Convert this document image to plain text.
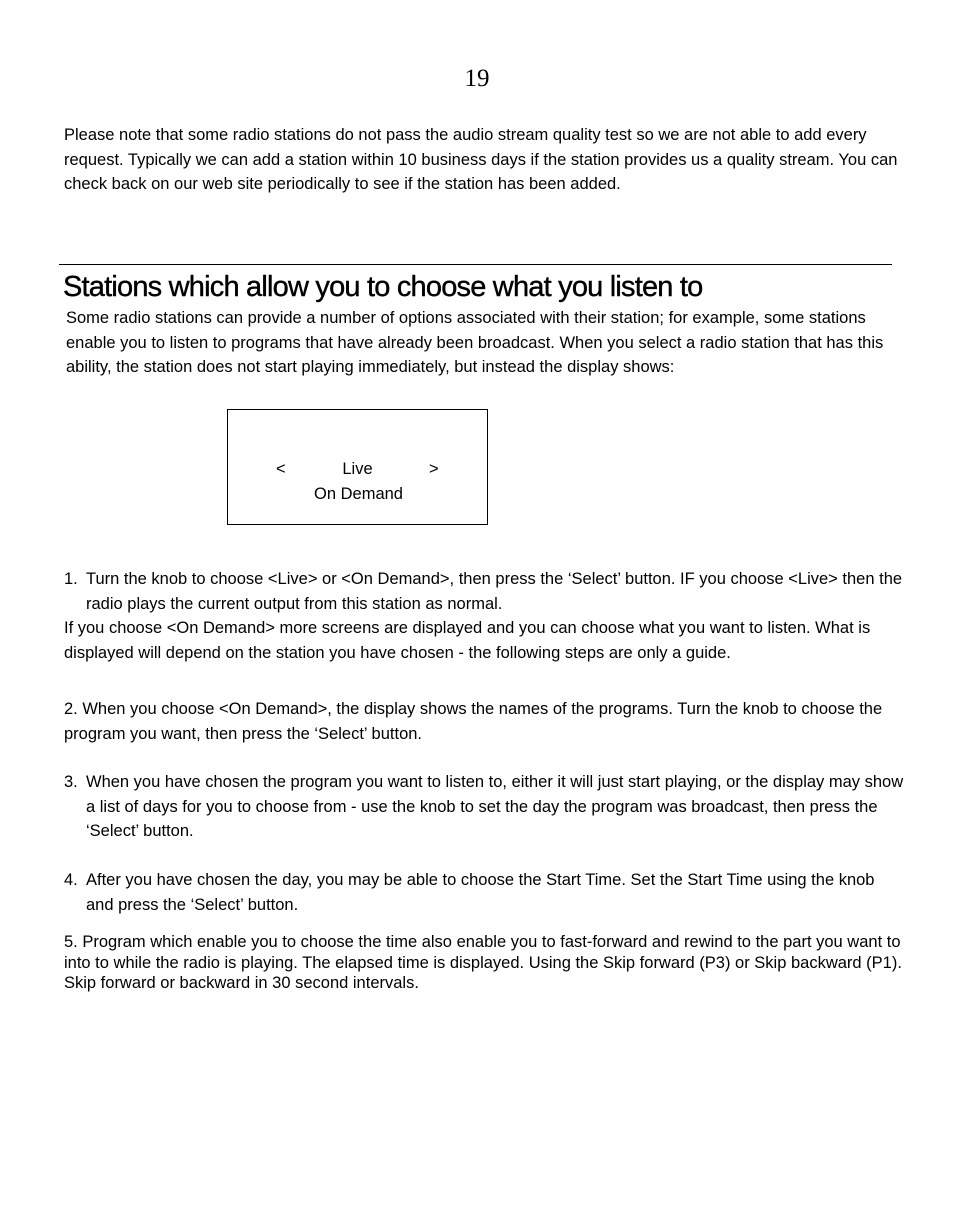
19

Please note that some radio stations do not pass the audio stream quality test so we are not able to add every request. Typically we can add a station within 10 business days if the station provides us a quality stream. You can check back on our web site periodically to see if the station has been added.

Stations which allow you to choose what you listen to

Some radio stations can provide a number of options associated with their station; for example, some stations enable you to listen to programs that have already been broadcast. When you select a radio station that has this ability, the station does not start playing immediately, but instead the display shows:

Live
<	>
On Demand
1. Turn the knob to choose <Live> or <On Demand>, then press the ‘Select’ button. IF you choose <Live> then the radio plays the current output from this station as normal.

If you choose <On Demand> more screens are displayed and you can choose what you want to listen. What is displayed will depend on the station you have chosen - the following steps are only a guide.

2. When you choose <On Demand>, the display shows the names of the programs. Turn the knob to choose the program you want, then press the ‘Select’ button.

3. When you have chosen the program you want to listen to, either it will just start playing, or the display may show a list of days for you to choose from - use the knob to set the day the program was broadcast, then press the ‘Select’ button.
4. After you have chosen the day, you may be able to choose the Start Time. Set the Start Time using the knob and press the ‘Select’ button.

5. Program which enable you to choose the time also enable you to fast-forward and rewind to the part you want to into to while the radio is playing. The elapsed time is displayed. Using the Skip forward (P3) or Skip backward (P1). Skip forward or backward in 30 second intervals.
